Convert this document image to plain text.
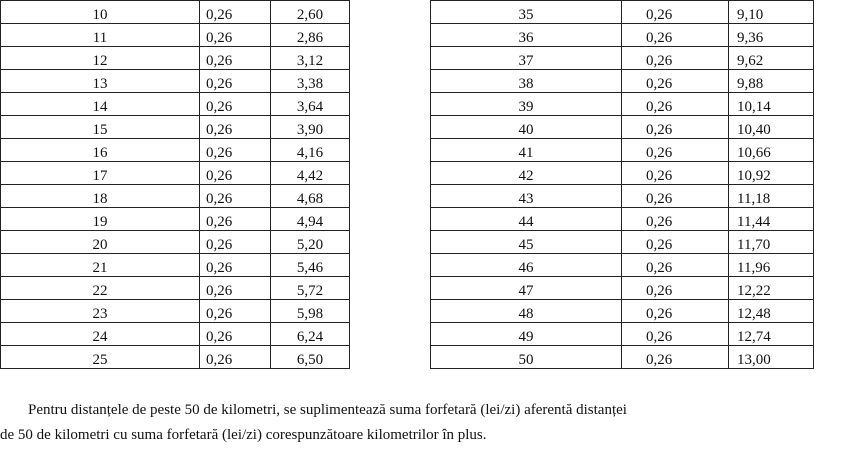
10	0,26	2,60
11	0,26	2,86
12	0,26	3,12
13	0,26	3,38
14	0,26	3,64
15	0,26	3,90
16	0,26	4,16
17	0,26	4,42
18	0,26	4,68
19	0,26	4,94
20	0,26	5,20
21	0,26	5,46
22	0,26	5,72
23	0,26	5,98
24	0,26	6,24
25	0,26	6,50
35	0,26	9,10
36	0,26	9,36
37	0,26	9,62
38	0,26	9,88
39	0,26	10,14
40	0,26	10,40
41	0,26	10,66
42	0,26	10,92
43	0,26	11,18
44	0,26	11,44
45	0,26	11,70
46	0,26	11,96
47	0,26	12,22
48	0,26	12,48
49	0,26	12,74
50	0,26	13,00

Pentru distanțele de peste 50 de kilometri, se suplimentează suma forfetară (lei/zi) aferentă distanței

de 50 de kilometri cu suma forfetară (lei/zi) corespunzătoare kilometrilor în plus.
